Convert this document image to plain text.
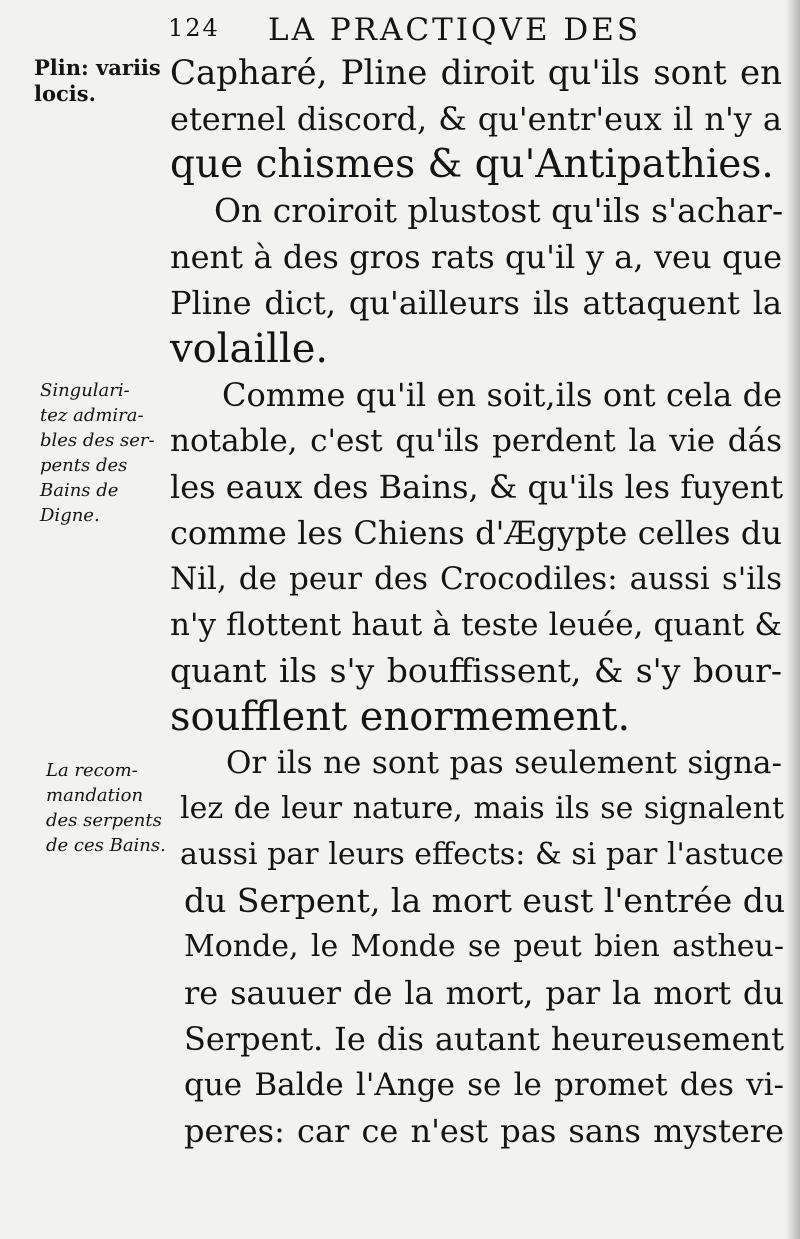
124 LA PRACTIQVE DES
Plin: variis
locis.
Singulari-
tez admira-
bles des ser-
pents des
Bains de
Digne.
La recom-
mandation
des serpents
de ces Bains.
Capharé, Pline diroit qu'ils sont en
eternel discord, & qu'entr'eux il n'y a
que chismes & qu'Antipathies.
On croiroit plustost qu'ils s'achar-
nent à des gros rats qu'il y a, veu que
Pline dict, qu'ailleurs ils attaquent la
volaille.
Comme qu'il en soit,ils ont cela de
notable, c'est qu'ils perdent la vie dás
les eaux des Bains, & qu'ils les fuyent
comme les Chiens d'Ægypte celles du
Nil, de peur des Crocodiles: aussi s'ils
n'y flottent haut à teste leuée, quant &
quant ils s'y bouffissent, & s'y bour-
soufflent enormement.
Or ils ne sont pas seulement signa-
lez de leur nature, mais ils se signalent
aussi par leurs effects: & si par l'astuce
du Serpent, la mort eust l'entrée du
Monde, le Monde se peut bien astheu-
re sauuer de la mort, par la mort du
Serpent. Ie dis autant heureusement
que Balde l'Ange se le promet des vi-
peres: car ce n'est pas sans mystere
